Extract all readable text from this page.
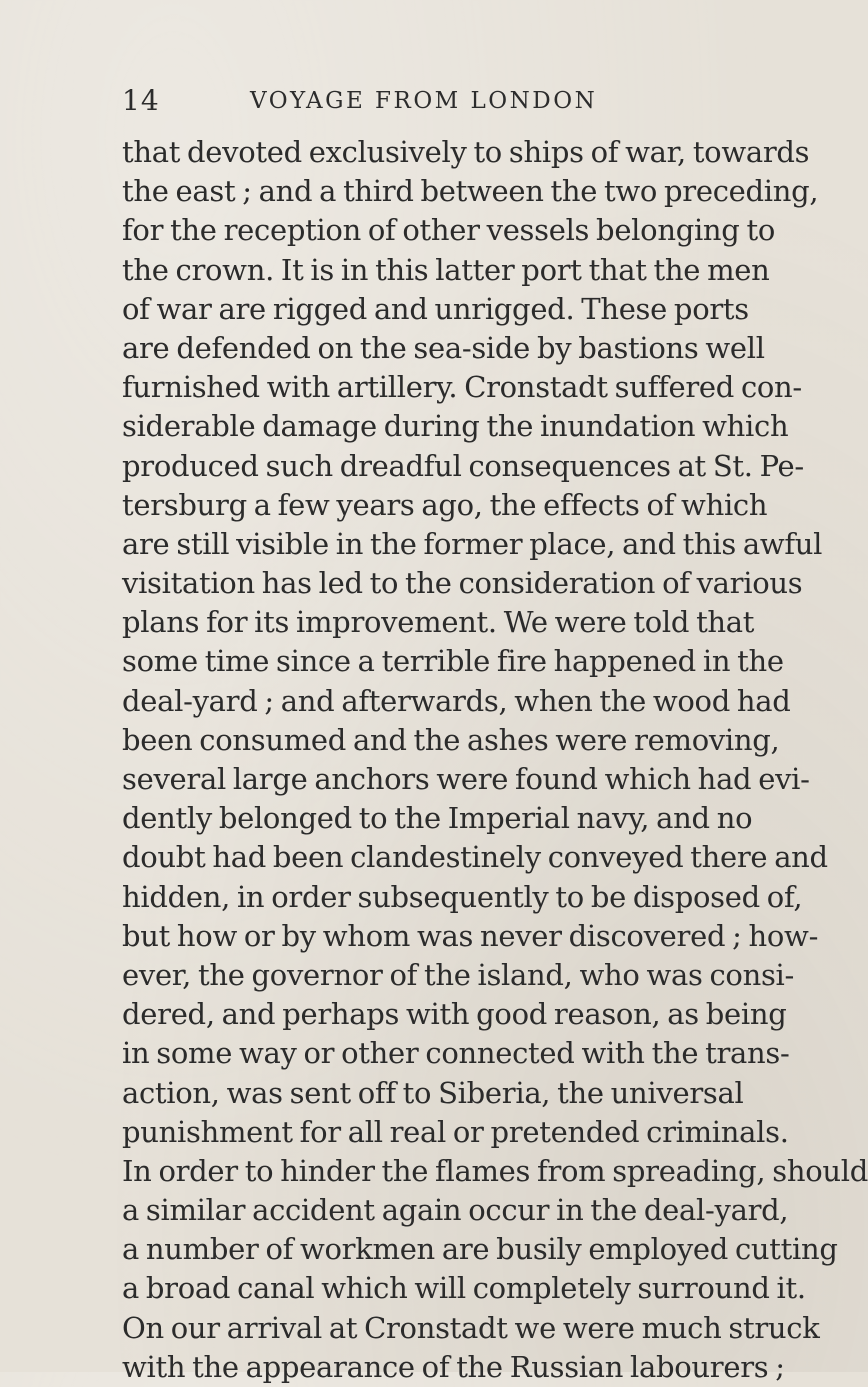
14	VOYAGE FROM LONDON
that devoted exclusively to ships of war, towards
the east ; and a third between the two preceding,
for the reception of other vessels belonging to
the crown. It is in this latter port that the men
of war are rigged and unrigged. These ports
are defended on the sea-side by bastions well
furnished with artillery. Cronstadt suffered con-
siderable damage during the inundation which
produced such dreadful consequences at St. Pe-
tersburg a few years ago, the effects of which
are still visible in the former place, and this awful
visitation has led to the consideration of various
plans for its improvement. We were told that
some time since a terrible fire happened in the
deal-yard ; and afterwards, when the wood had
been consumed and the ashes were removing,
several large anchors were found which had evi-
dently belonged to the Imperial navy, and no
doubt had been clandestinely conveyed there and
hidden, in order subsequently to be disposed of,
but how or by whom was never discovered ; how-
ever, the governor of the island, who was consi-
dered, and perhaps with good reason, as being
in some way or other connected with the trans-
action, was sent off to Siberia, the universal
punishment for all real or pretended criminals.
In order to hinder the flames from spreading, should
a similar accident again occur in the deal-yard,
a number of workmen are busily employed cutting
a broad canal which will completely surround it.
On our arrival at Cronstadt we were much struck
with the appearance of the Russian labourers ;
